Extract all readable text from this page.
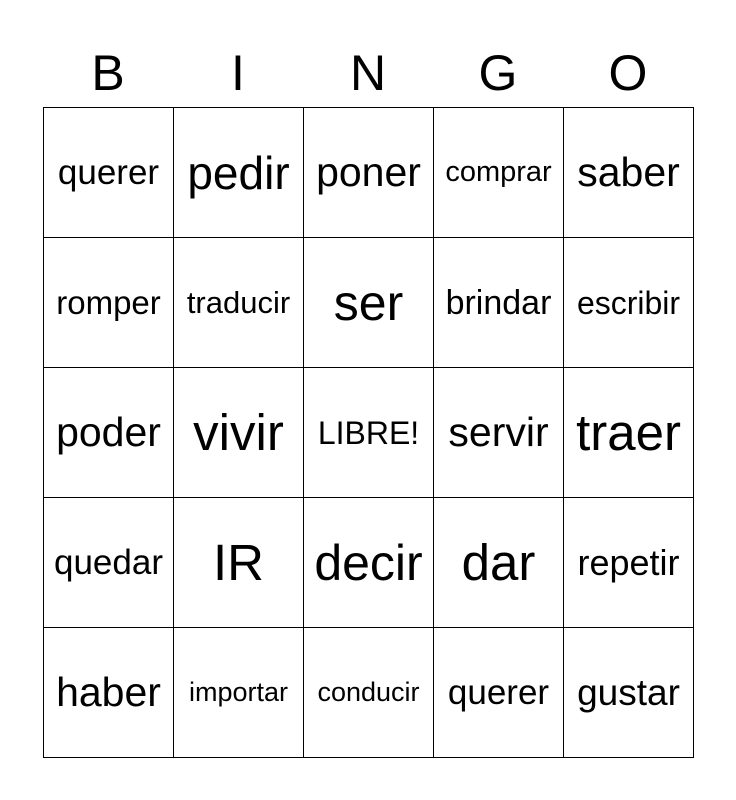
B	I	N	G	O
querer pedir poner comprar saber
romper traducir ser	brindar escribir
poder vivir	LIBRE! servir traer
quedar IR	decir dar	repetir
haber	importar	conducir querer gustar
